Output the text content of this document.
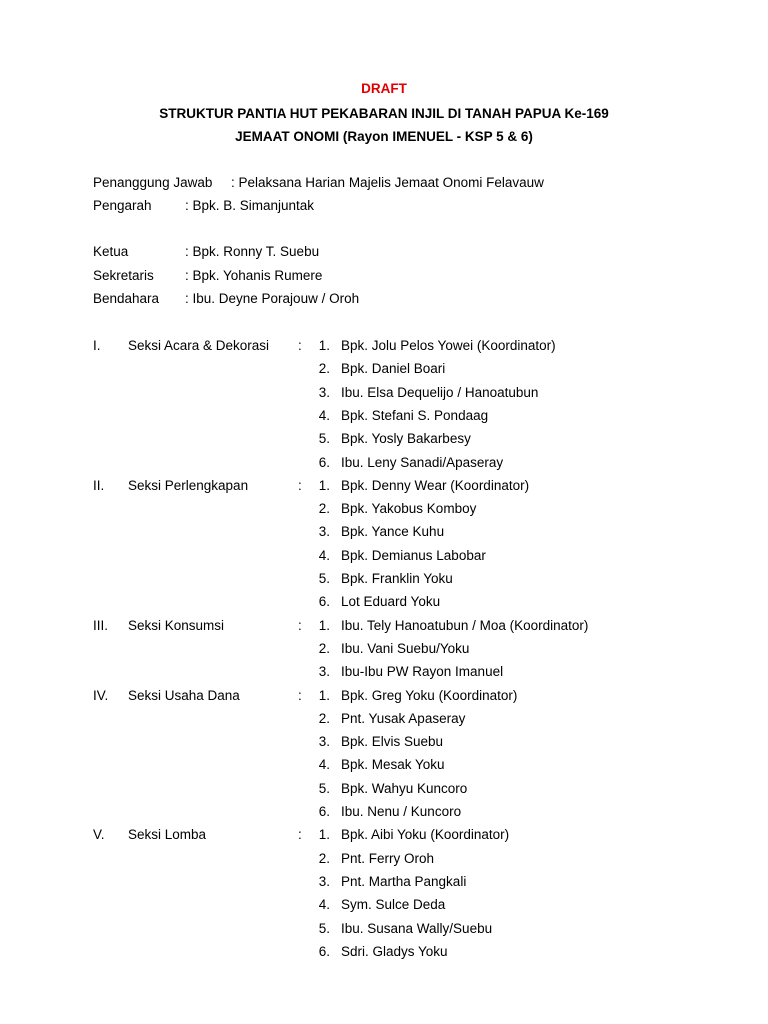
DRAFT
STRUKTUR PANTIA HUT PEKABARAN INJIL DI TANAH PAPUA Ke-169
JEMAAT ONOMI (Rayon IMENUEL - KSP 5 & 6)
Penanggung Jawab : Pelaksana Harian Majelis Jemaat Onomi Felavauw
Pengarah : Bpk. B. Simanjuntak
Ketua	: Bpk. Ronny T. Suebu
Sekretaris : Bpk. Yohanis Rumere
Bendahara : Ibu. Deyne Porajouw / Oroh
I. Seksi Acara & Dekorasi :	1. Bpk. Jolu Pelos Yowei (Koordinator)
2. Bpk. Daniel Boari
3. Ibu. Elsa Dequelijo / Hanoatubun
4. Bpk. Stefani S. Pondaag
5. Bpk. Yosly Bakarbesy
6. Ibu. Leny Sanadi/Apaseray
II. Seksi Perlengkapan	:	1. Bpk. Denny Wear (Koordinator)
2. Bpk. Yakobus Komboy
3. Bpk. Yance Kuhu
4. Bpk. Demianus Labobar
5. Bpk. Franklin Yoku
6. Lot Eduard Yoku
III. Seksi Konsumsi	:	1. Ibu. Tely Hanoatubun / Moa (Koordinator)
2. Ibu. Vani Suebu/Yoku
3. Ibu-Ibu PW Rayon Imanuel
IV. Seksi Usaha Dana	:	1. Bpk. Greg Yoku (Koordinator)
2. Pnt. Yusak Apaseray
3. Bpk. Elvis Suebu
4. Bpk. Mesak Yoku
5. Bpk. Wahyu Kuncoro
6. Ibu. Nenu / Kuncoro
V. Seksi Lomba	:	1. Bpk. Aibi Yoku (Koordinator)
2. Pnt. Ferry Oroh
3. Pnt. Martha Pangkali
4. Sym. Sulce Deda
5. Ibu. Susana Wally/Suebu
6. Sdri. Gladys Yoku
